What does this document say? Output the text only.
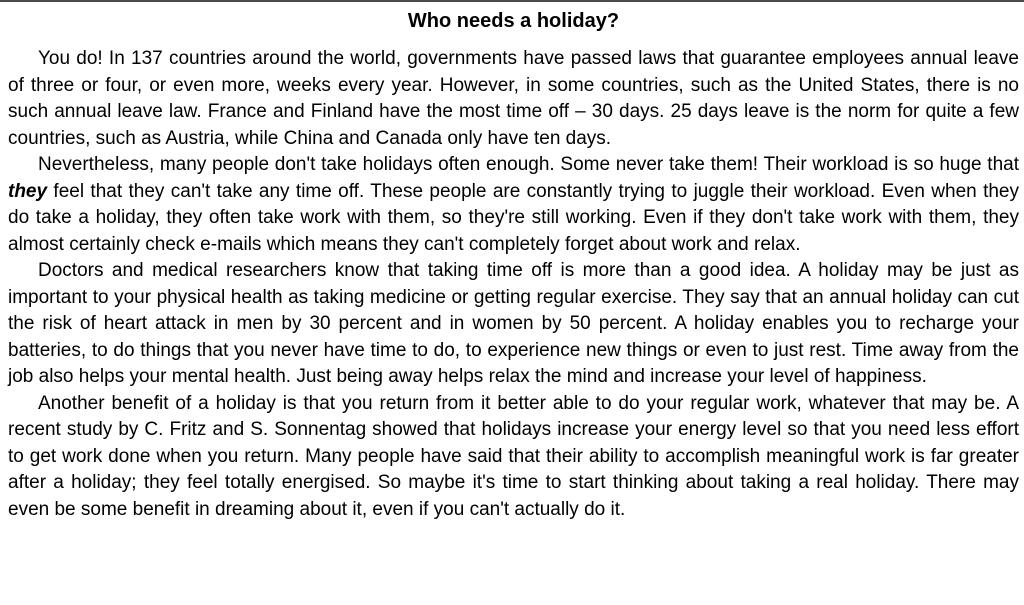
Who needs a holiday?

You do! In 137 countries around the world, governments have passed laws that guarantee employees annual leave of three or four, or even more, weeks every year. However, in some countries, such as the United States, there is no such annual leave law. France and Finland have the most time off – 30 days. 25 days leave is the norm for quite a few countries, such as Austria, while China and Canada only have ten days.

Nevertheless, many people don't take holidays often enough. Some never take them! Their workload is so huge that they feel that they can't take any time off. These people are constantly trying to juggle their workload. Even when they do take a holiday, they often take work with them, so they're still working. Even if they don't take work with them, they almost certainly check e-mails which means they can't completely forget about work and relax.

Doctors and medical researchers know that taking time off is more than a good idea. A holiday may be just as important to your physical health as taking medicine or getting regular exercise. They say that an annual holiday can cut the risk of heart attack in men by 30 percent and in women by 50 percent. A holiday enables you to recharge your batteries, to do things that you never have time to do, to experience new things or even to just rest. Time away from the job also helps your mental health. Just being away helps relax the mind and increase your level of happiness.

Another benefit of a holiday is that you return from it better able to do your regular work, whatever that may be. A recent study by C. Fritz and S. Sonnentag showed that holidays increase your energy level so that you need less effort to get work done when you return. Many people have said that their ability to accomplish meaningful work is far greater after a holiday; they feel totally energised. So maybe it's time to start thinking about taking a real holiday. There may even be some benefit in dreaming about it, even if you can't actually do it.
